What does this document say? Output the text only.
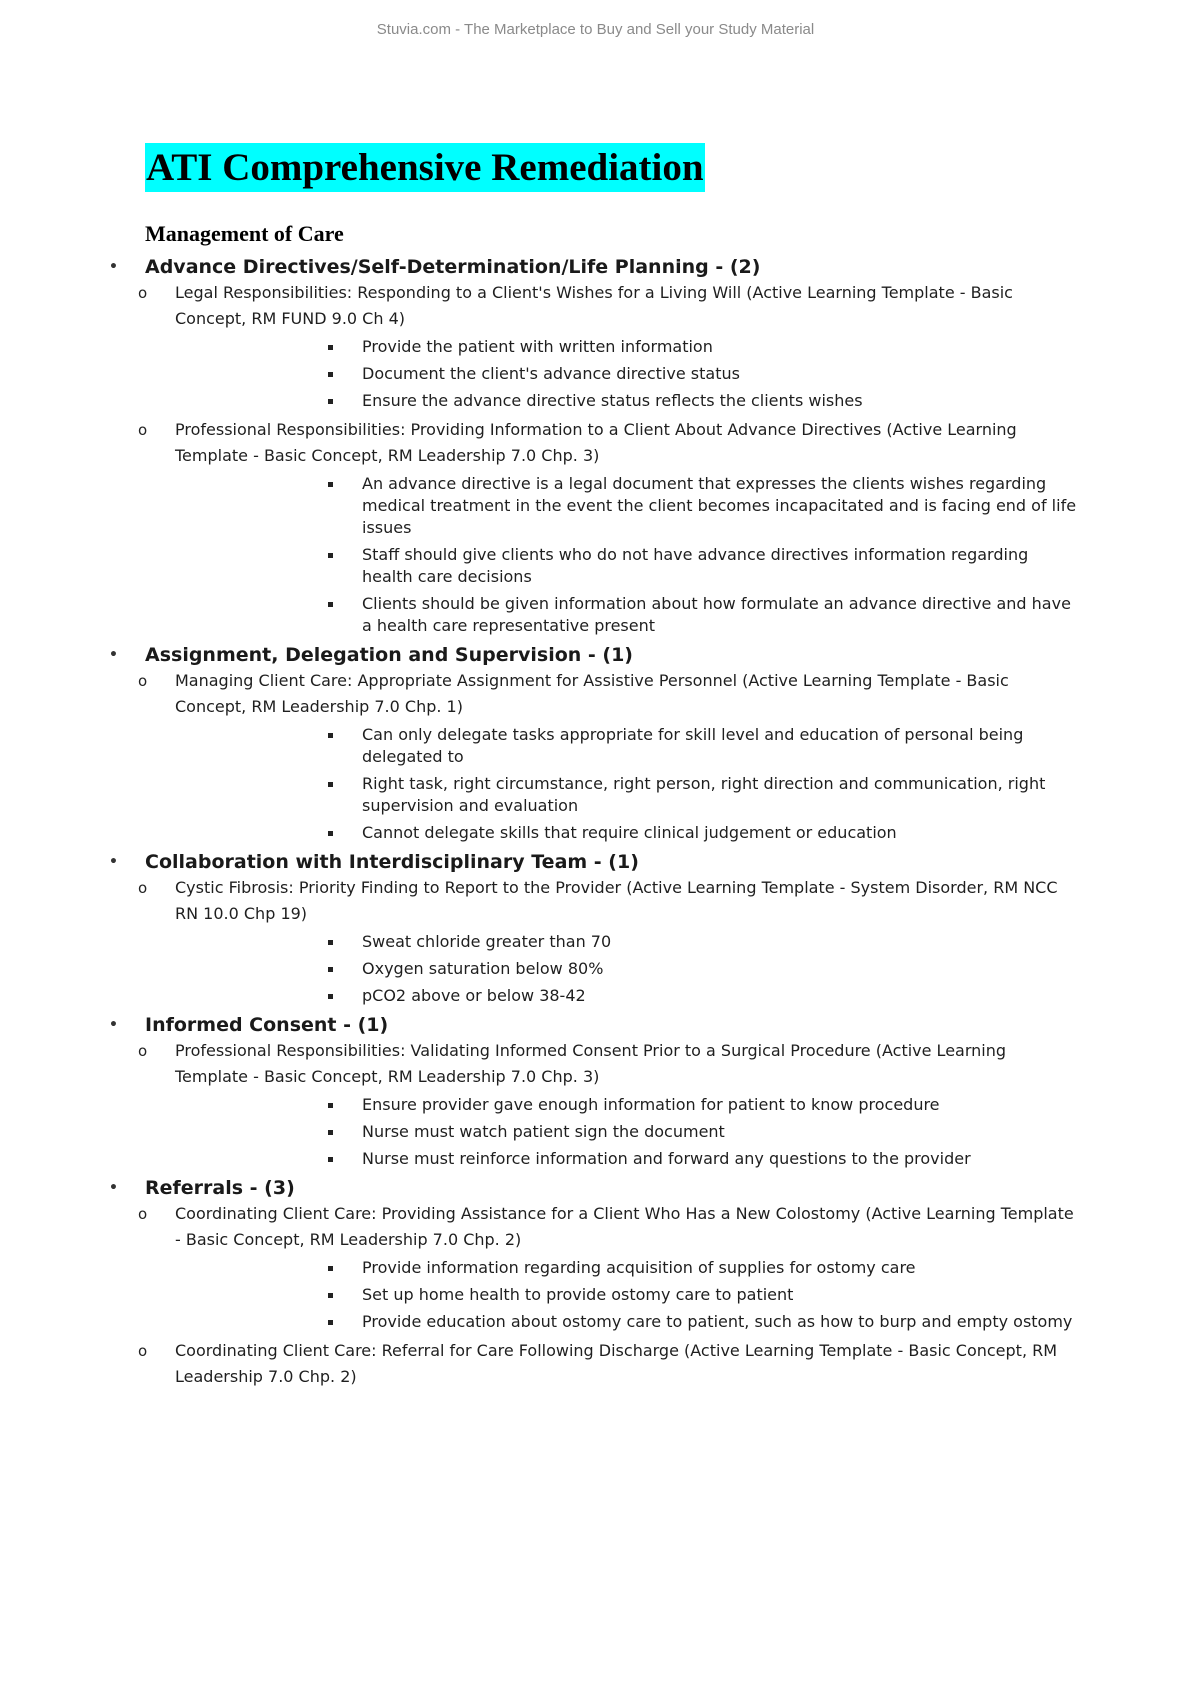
Stuvia.com - The Marketplace to Buy and Sell your Study Material
ATI Comprehensive Remediation
Management of Care
• Advance Directives/Self-Determination/Life Planning - (2)
o Legal Responsibilities: Responding to a Client's Wishes for a Living Will (Active Learning Template - Basic Concept, RM FUND 9.0 Ch 4)
Provide the patient with written information
Document the client's advance directive status
Ensure the advance directive status reflects the clients wishes
o Professional Responsibilities: Providing Information to a Client About Advance Directives (Active Learning Template - Basic Concept, RM Leadership 7.0 Chp. 3)
An advance directive is a legal document that expresses the clients wishes regarding medical treatment in the event the client becomes incapacitated and is facing end of life issues
Staff should give clients who do not have advance directives information regarding health care decisions
Clients should be given information about how formulate an advance directive and have a health care representative present
• Assignment, Delegation and Supervision - (1)
o Managing Client Care: Appropriate Assignment for Assistive Personnel (Active Learning Template - Basic Concept, RM Leadership 7.0 Chp. 1)
Can only delegate tasks appropriate for skill level and education of personal being delegated to
Right task, right circumstance, right person, right direction and communication, right supervision and evaluation
Cannot delegate skills that require clinical judgement or education
• Collaboration with Interdisciplinary Team - (1)
o Cystic Fibrosis: Priority Finding to Report to the Provider (Active Learning Template - System Disorder, RM NCC RN 10.0 Chp 19)
Sweat chloride greater than 70
Oxygen saturation below 80%
pCO2 above or below 38-42
• Informed Consent - (1)
o Professional Responsibilities: Validating Informed Consent Prior to a Surgical Procedure (Active Learning Template - Basic Concept, RM Leadership 7.0 Chp. 3)
Ensure provider gave enough information for patient to know procedure
Nurse must watch patient sign the document
Nurse must reinforce information and forward any questions to the provider
• Referrals - (3)
o Coordinating Client Care: Providing Assistance for a Client Who Has a New Colostomy (Active Learning Template - Basic Concept, RM Leadership 7.0 Chp. 2)
Provide information regarding acquisition of supplies for ostomy care
Set up home health to provide ostomy care to patient
Provide education about ostomy care to patient, such as how to burp and empty ostomy
o Coordinating Client Care: Referral for Care Following Discharge (Active Learning Template - Basic Concept, RM Leadership 7.0 Chp. 2)
